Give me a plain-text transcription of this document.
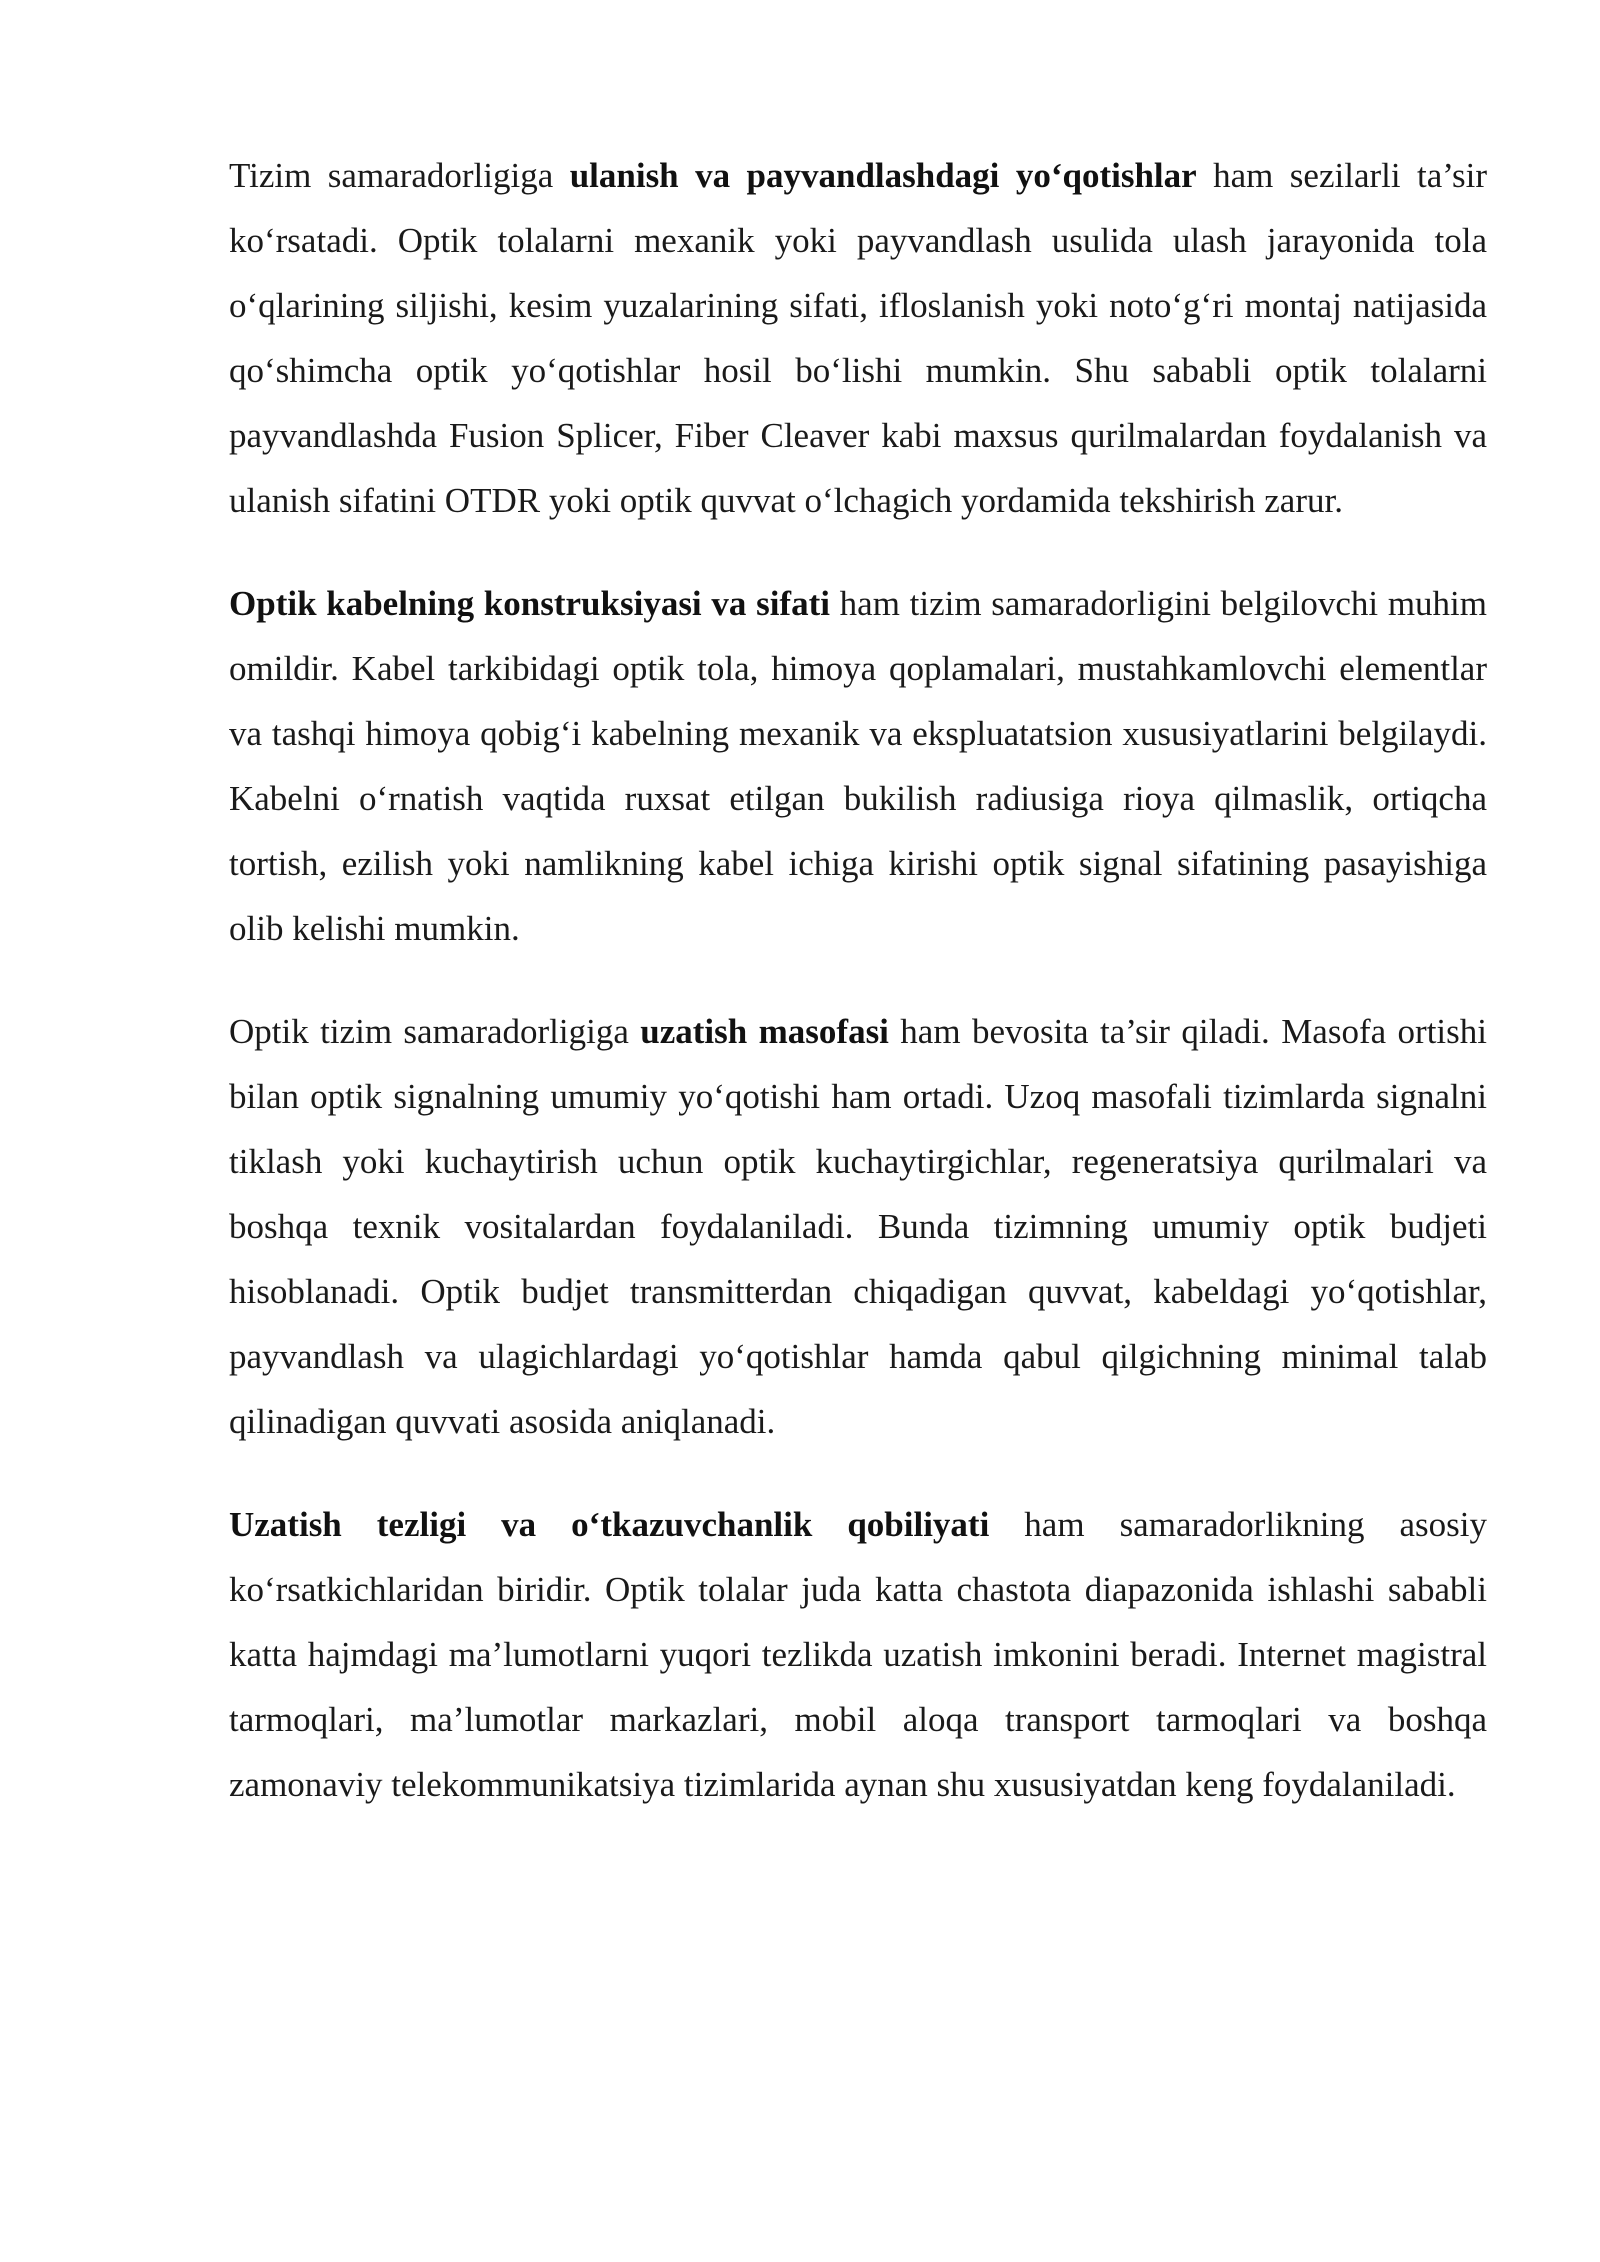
Tizim samaradorligiga ulanish va payvandlashdagi yo‘qotishlar ham sezilarli ta’sir ko‘rsatadi. Optik tolalarni mexanik yoki payvandlash usulida ulash jarayonida tola o‘qlarining siljishi, kesim yuzalarining sifati, ifloslanish yoki noto‘g‘ri montaj natijasida qo‘shimcha optik yo‘qotishlar hosil bo‘lishi mumkin. Shu sababli optik tolalarni payvandlashda Fusion Splicer, Fiber Cleaver kabi maxsus qurilmalardan foydalanish va ulanish sifatini OTDR yoki optik quvvat o‘lchagich yordamida tekshirish zarur.

Optik kabelning konstruksiyasi va sifati ham tizim samaradorligini belgilovchi muhim omildir. Kabel tarkibidagi optik tola, himoya qoplamalari, mustahkamlovchi elementlar va tashqi himoya qobig‘i kabelning mexanik va ekspluatatsion xususiyatlarini belgilaydi. Kabelni o‘rnatish vaqtida ruxsat etilgan bukilish radiusiga rioya qilmaslik, ortiqcha tortish, ezilish yoki namlikning kabel ichiga kirishi optik signal sifatining pasayishiga olib kelishi mumkin.

Optik tizim samaradorligiga uzatish masofasi ham bevosita ta’sir qiladi. Masofa ortishi bilan optik signalning umumiy yo‘qotishi ham ortadi. Uzoq masofali tizimlarda signalni tiklash yoki kuchaytirish uchun optik kuchaytirgichlar, regeneratsiya qurilmalari va boshqa texnik vositalardan foydalaniladi. Bunda tizimning umumiy optik budjeti hisoblanadi. Optik budjet transmitterdan chiqadigan quvvat, kabeldagi yo‘qotishlar, payvandlash va ulagichlardagi yo‘qotishlar hamda qabul qilgichning minimal talab qilinadigan quvvati asosida aniqlanadi.

Uzatish tezligi va o‘tkazuvchanlik qobiliyati ham samaradorlikning asosiy ko‘rsatkichlaridan biridir. Optik tolalar juda katta chastota diapazonida ishlashi sababli katta hajmdagi ma’lumotlarni yuqori tezlikda uzatish imkonini beradi. Internet magistral tarmoqlari, ma’lumotlar markazlari, mobil aloqa transport tarmoqlari va boshqa zamonaviy telekommunikatsiya tizimlarida aynan shu xususiyatdan keng foydalaniladi.
